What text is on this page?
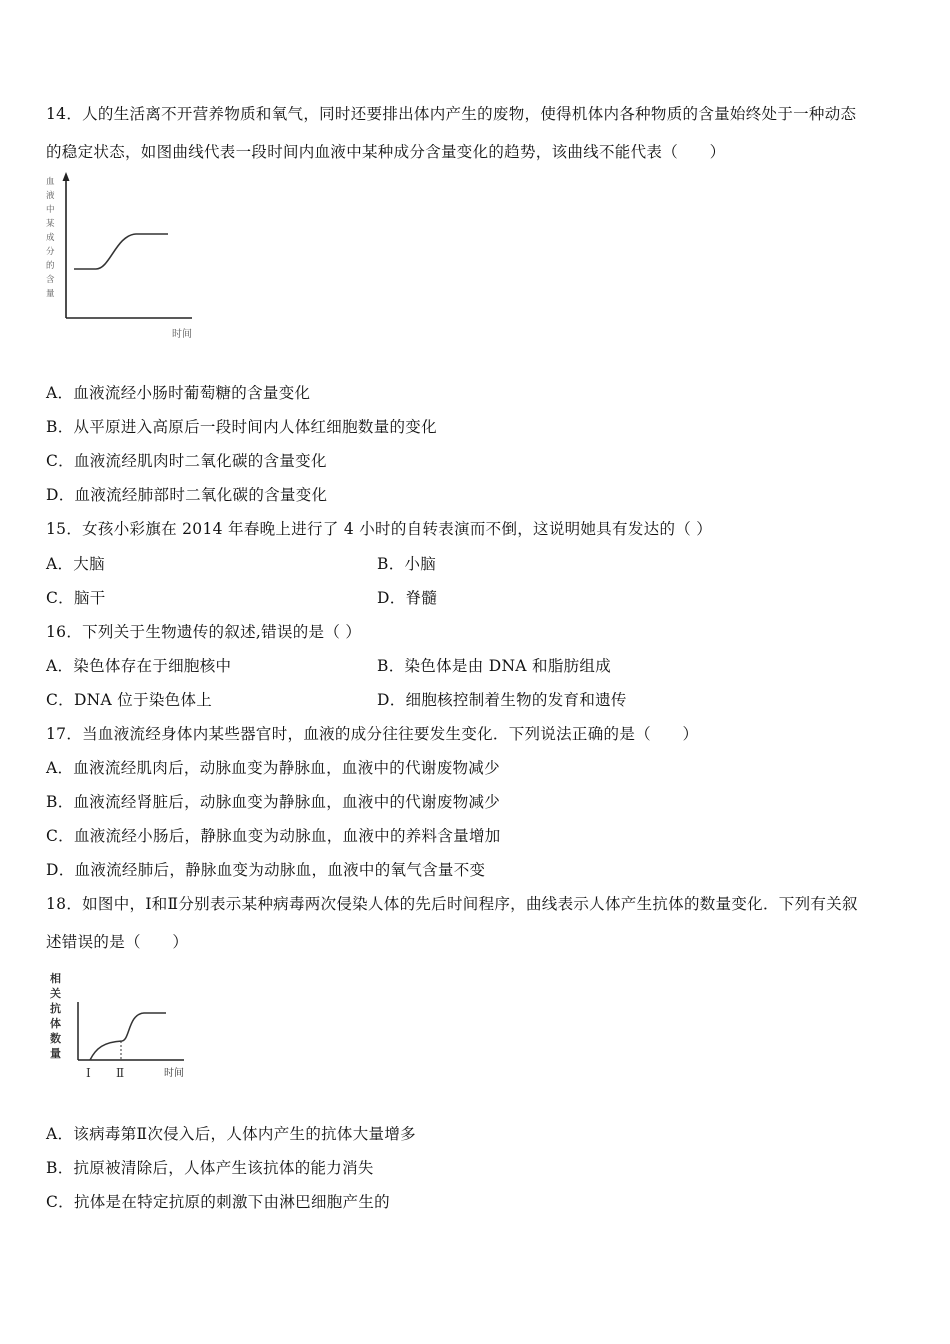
14．人的生活离不开营养物质和氧气，同时还要排出体内产生的废物，使得机体内各种物质的含量始终处于一种动态
的稳定状态，如图曲线代表一段时间内血液中某种成分含量变化的趋势，该曲线不能代表（　　）
血
液
中
某
成
分
的
含
量
时间
A．血液流经小肠时葡萄糖的含量变化
B．从平原进入高原后一段时间内人体红细胞数量的变化
C．血液流经肌肉时二氧化碳的含量变化
D．血液流经肺部时二氧化碳的含量变化
15．女孩小彩旗在 2014 年春晚上进行了 4 小时的自转表演而不倒，这说明她具有发达的（ ）
A．大脑	B．小脑
C．脑干	D．脊髓
16．下列关于生物遗传的叙述,错误的是（ ）
A．染色体存在于细胞核中	B．染色体是由 DNA 和脂肪组成
C．DNA 位于染色体上	D．细胞核控制着生物的发育和遗传
17．当血液流经身体内某些器官时，血液的成分往往要发生变化．下列说法正确的是（　　）
A．血液流经肌肉后，动脉血变为静脉血，血液中的代谢废物减少
B．血液流经肾脏后，动脉血变为静脉血，血液中的代谢废物减少
C．血液流经小肠后，静脉血变为动脉血，血液中的养料含量增加
D．血液流经肺后，静脉血变为动脉血，血液中的氧气含量不变
18．如图中，Ⅰ和Ⅱ分别表示某种病毒两次侵染人体的先后时间程序，曲线表示人体产生抗体的数量变化．下列有关叙
述错误的是（　　）
相
关
抗
体
数
量
Ⅰ Ⅱ	时间
A．该病毒第Ⅱ次侵入后，人体内产生的抗体大量增多
B．抗原被清除后，人体产生该抗体的能力消失
C．抗体是在特定抗原的刺激下由淋巴细胞产生的
